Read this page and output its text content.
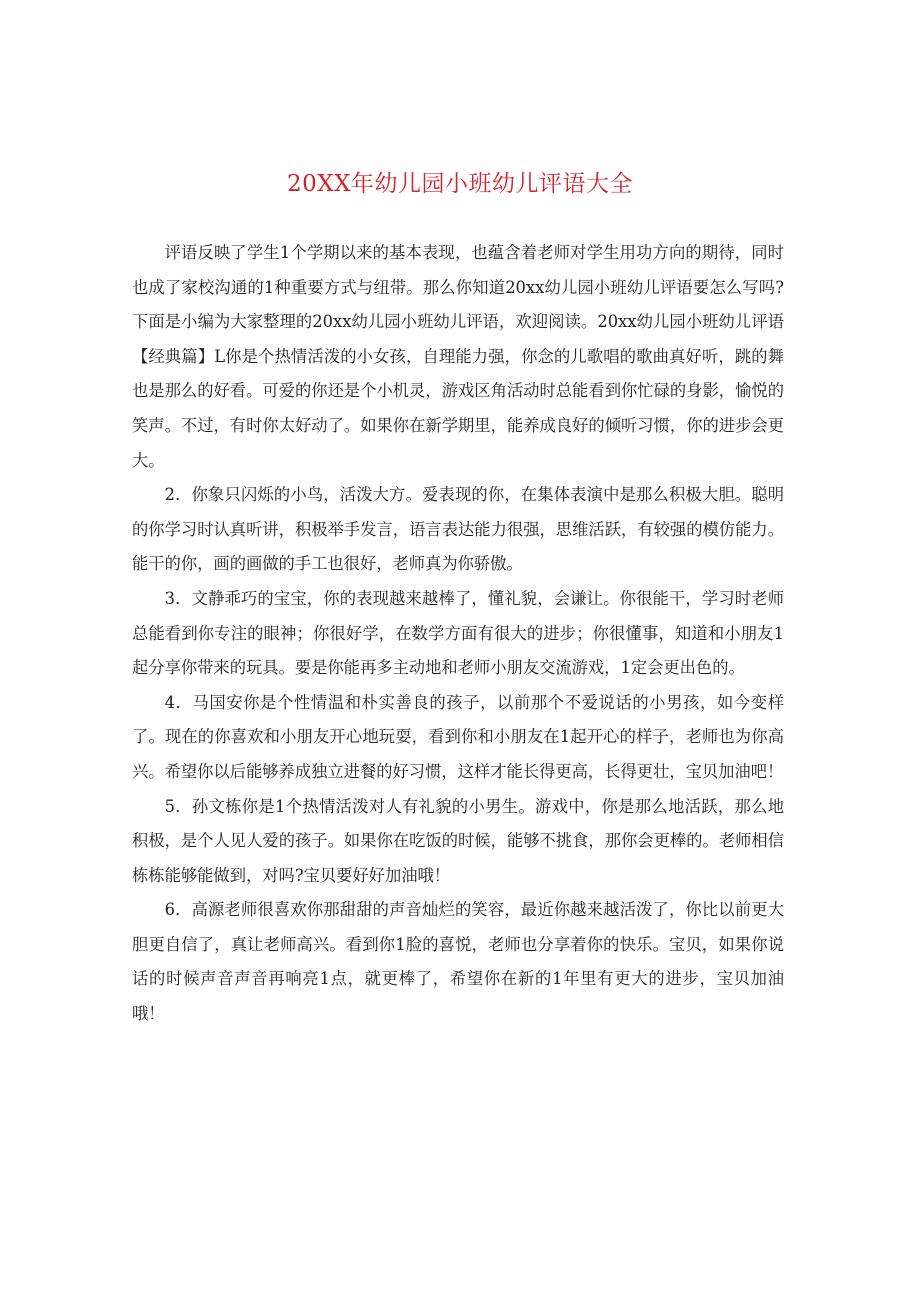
20XX年幼儿园小班幼儿评语大全

评语反映了学生1个学期以来的基本表现，也蕴含着老师对学生用功方向的期待，同时也成了家校沟通的1种重要方式与纽带。那么你知道20xx幼儿园小班幼儿评语要怎么写吗?下面是小编为大家整理的20xx幼儿园小班幼儿评语，欢迎阅读。20xx幼儿园小班幼儿评语【经典篇】L你是个热情活泼的小女孩，自理能力强，你念的儿歌唱的歌曲真好听，跳的舞也是那么的好看。可爱的你还是个小机灵，游戏区角活动时总能看到你忙碌的身影，愉悦的笑声。不过，有时你太好动了。如果你在新学期里，能养成良好的倾听习惯，你的进步会更大。

2．你象只闪烁的小鸟，活泼大方。爱表现的你，在集体表演中是那么积极大胆。聪明的你学习时认真听讲，积极举手发言，语言表达能力很强，思维活跃，有较强的模仿能力。能干的你，画的画做的手工也很好，老师真为你骄傲。

3．文静乖巧的宝宝，你的表现越来越棒了，懂礼貌，会谦让。你很能干，学习时老师总能看到你专注的眼神；你很好学，在数学方面有很大的进步；你很懂事，知道和小朋友1起分享你带来的玩具。要是你能再多主动地和老师小朋友交流游戏，1定会更出色的。

4．马国安你是个性情温和朴实善良的孩子，以前那个不爱说话的小男孩，如今变样了。现在的你喜欢和小朋友开心地玩耍，看到你和小朋友在1起开心的样子，老师也为你高兴。希望你以后能够养成独立进餐的好习惯，这样才能长得更高，长得更壮，宝贝加油吧！

5．孙文栋你是1个热情活泼对人有礼貌的小男生。游戏中，你是那么地活跃，那么地积极，是个人见人爱的孩子。如果你在吃饭的时候，能够不挑食，那你会更棒的。老师相信栋栋能够能做到，对吗?宝贝要好好加油哦！

6．高源老师很喜欢你那甜甜的声音灿烂的笑容，最近你越来越活泼了，你比以前更大胆更自信了，真让老师高兴。看到你1脸的喜悦，老师也分享着你的快乐。宝贝，如果你说话的时候声音声音再响亮1点，就更棒了，希望你在新的1年里有更大的进步，宝贝加油哦！
